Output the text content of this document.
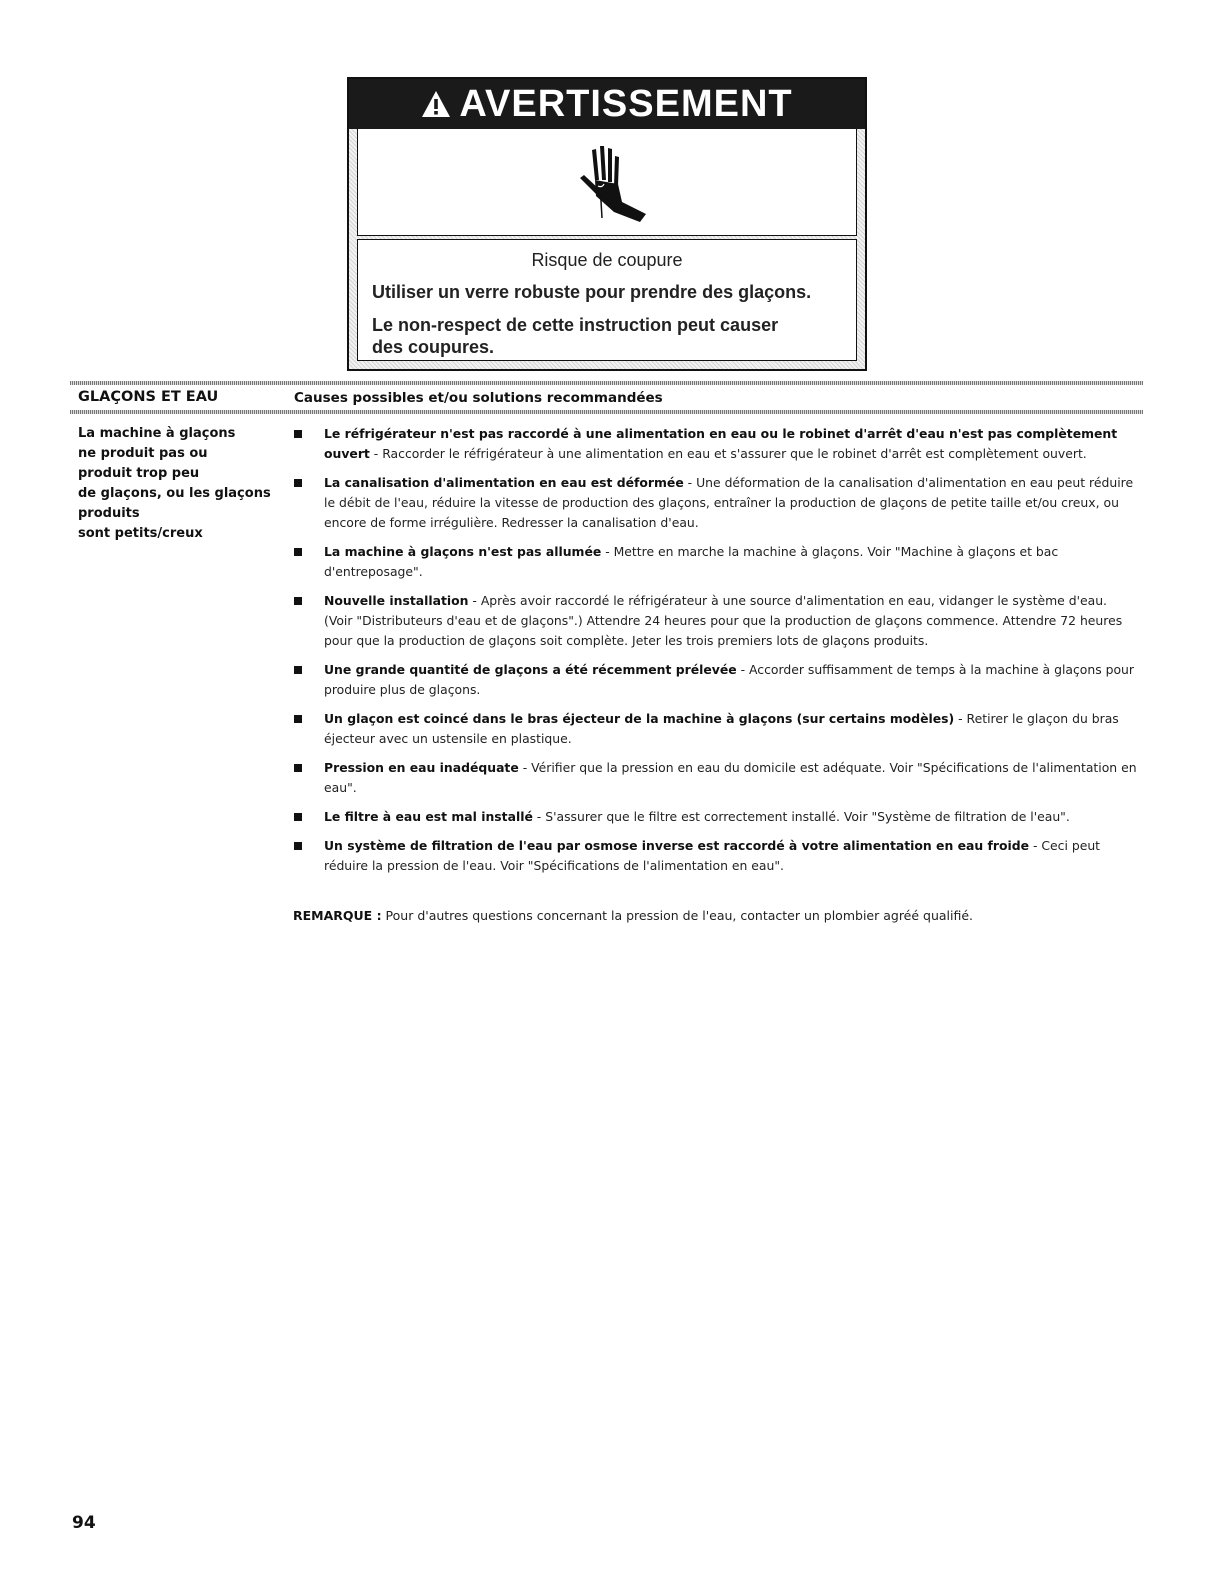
AVERTISSEMENT
Risque de coupure
Utiliser un verre robuste pour prendre des glaçons.
Le non-respect de cette instruction peut causer des coupures.
GLAÇONS ET EAU	Causes possibles et/ou solutions recommandées
La machine à glaçons
ne produit pas ou
produit trop peu
de glaçons, ou les glaçons
produits
sont petits/creux
Le réfrigérateur n'est pas raccordé à une alimentation en eau ou le robinet d'arrêt d'eau n'est pas complètement ouvert - Raccorder le réfrigérateur à une alimentation en eau et s'assurer que le robinet d'arrêt est complètement ouvert.
La canalisation d'alimentation en eau est déformée - Une déformation de la canalisation d'alimentation en eau peut réduire le débit de l'eau, réduire la vitesse de production des glaçons, entraîner la production de glaçons de petite taille et/ou creux, ou encore de forme irrégulière. Redresser la canalisation d'eau.
La machine à glaçons n'est pas allumée - Mettre en marche la machine à glaçons. Voir "Machine à glaçons et bac d'entreposage".
Nouvelle installation - Après avoir raccordé le réfrigérateur à une source d'alimentation en eau, vidanger le système d'eau. (Voir "Distributeurs d'eau et de glaçons".) Attendre 24 heures pour que la production de glaçons commence. Attendre 72 heures pour que la production de glaçons soit complète. Jeter les trois premiers lots de glaçons produits.
Une grande quantité de glaçons a été récemment prélevée - Accorder suffisamment de temps à la machine à glaçons pour produire plus de glaçons.
Un glaçon est coincé dans le bras éjecteur de la machine à glaçons (sur certains modèles) - Retirer le glaçon du bras éjecteur avec un ustensile en plastique.
Pression en eau inadéquate - Vérifier que la pression en eau du domicile est adéquate. Voir "Spécifications de l'alimentation en eau".
Le filtre à eau est mal installé - S'assurer que le filtre est correctement installé. Voir "Système de filtration de l'eau".
Un système de filtration de l'eau par osmose inverse est raccordé à votre alimentation en eau froide - Ceci peut réduire la pression de l'eau. Voir "Spécifications de l'alimentation en eau".
REMARQUE : Pour d'autres questions concernant la pression de l'eau, contacter un plombier agréé qualifié.
94
